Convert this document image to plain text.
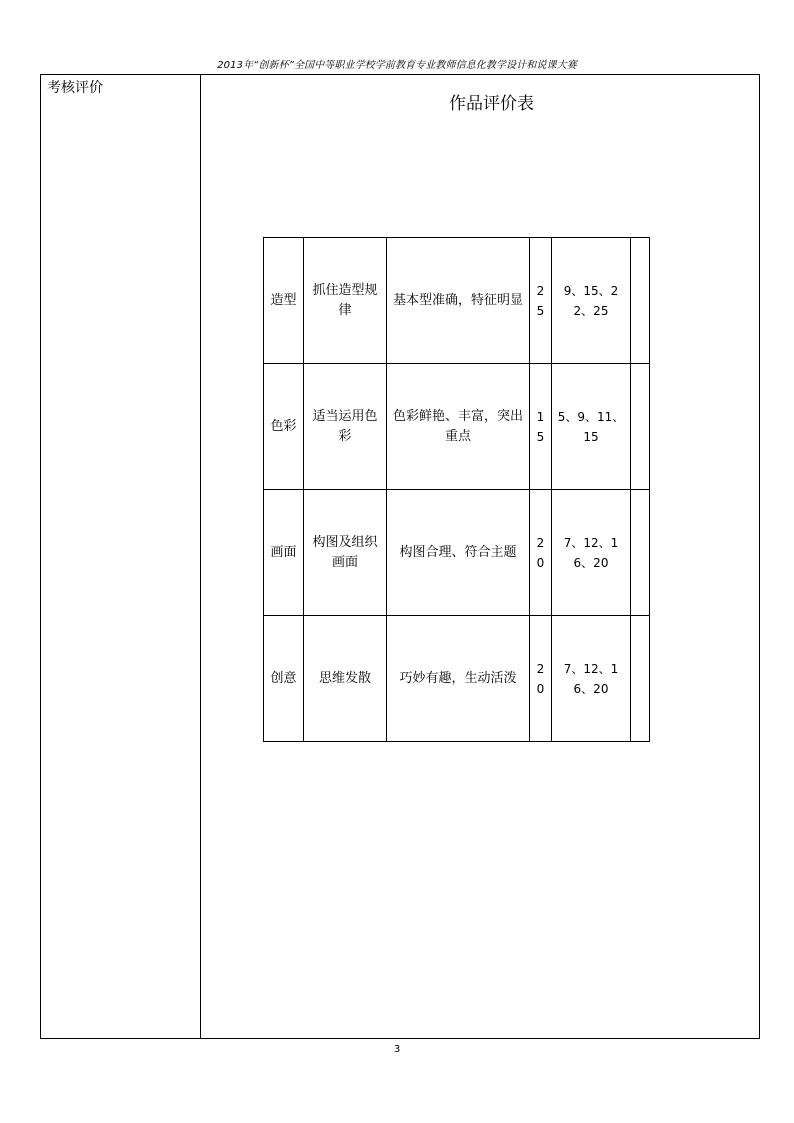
2013年“创新杯”全国中等职业学校学前教育专业教师信息化教学设计和说课大赛
考核评价
作品评价表
造型	抓住造型规律	基本型准确，特征明显	25	9、15、22、25	
色彩	适当运用色彩	色彩鲜艳、丰富，突出重点	15	5、9、11、15	
画面	构图及组织画面	构图合理、符合主题	20	7、12、16、20	
创意	思维发散	巧妙有趣，生动活泼	20	7、12、16、20	
3
